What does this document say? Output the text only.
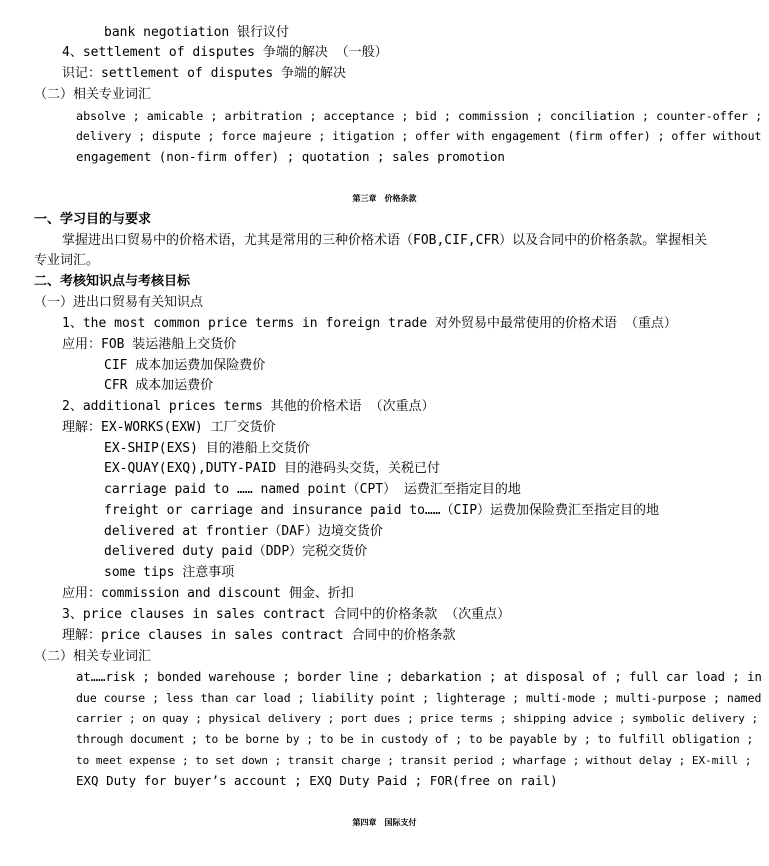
bank negotiation 银行议付
4、settlement of disputes 争端的解决 （一般）
识记：settlement of disputes 争端的解决
（二）相关专业词汇
absolve ; amicable ; arbitration ; acceptance ; bid ; commission ; conciliation ; counter-offer ;
delivery ; dispute ; force majeure ; itigation ; offer with engagement (firm offer) ; offer without
engagement (non-firm offer) ; quotation ; sales promotion
第三章　价格条款
一、学习目的与要求
掌握进出口贸易中的价格术语，尤其是常用的三种价格术语（FOB,CIF,CFR）以及合同中的价格条款。掌握相关
专业词汇。
二、考核知识点与考核目标
（一）进出口贸易有关知识点
1、the most common price terms in foreign trade 对外贸易中最常使用的价格术语 （重点）
应用：FOB 装运港船上交货价
CIF 成本加运费加保险费价
CFR 成本加运费价
2、additional prices terms 其他的价格术语 （次重点）
理解：EX-WORKS(EXW) 工厂交货价
EX-SHIP(EXS) 目的港船上交货价
EX-QUAY(EXQ),DUTY-PAID 目的港码头交货，关税已付
carriage paid to …… named point（CPT） 运费汇至指定目的地
freight or carriage and insurance paid to……（CIP）运费加保险费汇至指定目的地
delivered at frontier（DAF）边境交货价
delivered duty paid（DDP）完税交货价
some tips 注意事项
应用：commission and discount 佣金、折扣
3、price clauses in sales contract 合同中的价格条款 （次重点）
理解：price clauses in sales contract 合同中的价格条款
（二）相关专业词汇
at……risk ; bonded warehouse ; border line ; debarkation ; at disposal of ; full car load ; in
due course ; less than car load ; liability point ; lighterage ; multi-mode ; multi-purpose ; named
carrier ; on quay ; physical delivery ; port dues ; price terms ; shipping advice ; symbolic delivery ;
through document ; to be borne by ; to be in custody of ; to be payable by ; to fulfill obligation ;
to meet expense ; to set down ; transit charge ; transit period ; wharfage ; without delay ; EX-mill ;
EXQ Duty for buyer’s account ; EXQ Duty Paid ; FOR(free on rail)
第四章　国际支付
